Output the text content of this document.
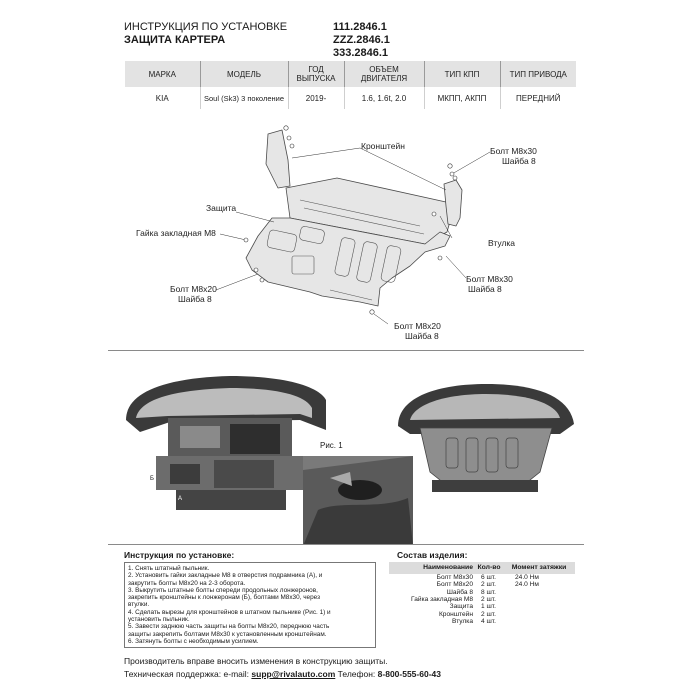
ИНСТРУКЦИЯ ПО УСТАНОВКЕ
ЗАЩИТА КАРТЕРА
111.2846.1
ZZZ.2846.1
333.2846.1
МАРКА	МОДЕЛЬ	ГОД ВЫПУСКА	ОБЪЕМ ДВИГАТЕЛЯ	ТИП КПП	ТИП ПРИВОДА
KIA	Soul (Sk3) 3 поколение	2019-	1.6, 1.6t, 2.0	МКПП, АКПП	ПЕРЕДНИЙ
Кронштейн	Болт M8x30
Шайба 8
Защита
Гайка закладная M8
Втулка
Болт M8x30
Шайба 8
Болт M8x20
Шайба 8
Болт M8x20
Шайба 8
Б
А
Рис. 1
Инструкция по установке:

1. Снять штатный пыльник.

2. Установить гайки закладные M8 в отверстия подрамника (А), и

закрутить болты M8x20 на 2-3 оборота.

3. Выкрутить штатные болты спереди продольных лонжеронов,

закрепить кронштейны к лонжеронам (Б), болтами M8x30, через

втулки.

4. Сделать вырезы для кронштейнов в штатном пыльнике (Рис. 1) и

установить пыльник.

5. Завести заднюю часть защиты на болты M8x20, переднюю часть

защиты закрепить болтами M8x30 к установленным кронштейнам.

6. Затянуть болты с необходимым усилием.

Состав изделия:
Наименование	Кол-во	Момент затяжки
Болт M8x30	6 шт.	24.0 Нм
Болт M8x20	2 шт.	24.0 Нм
Шайба 8	8 шт.	
Гайка закладная M8	2 шт.	
Защита	1 шт.	
Кронштейн	2 шт.	
Втулка	4 шт.	
Производитель вправе вносить изменения в конструкцию защиты.
Техническая поддержка: e-mail: supp@rivalauto.com Телефон: 8-800-555-60-43
